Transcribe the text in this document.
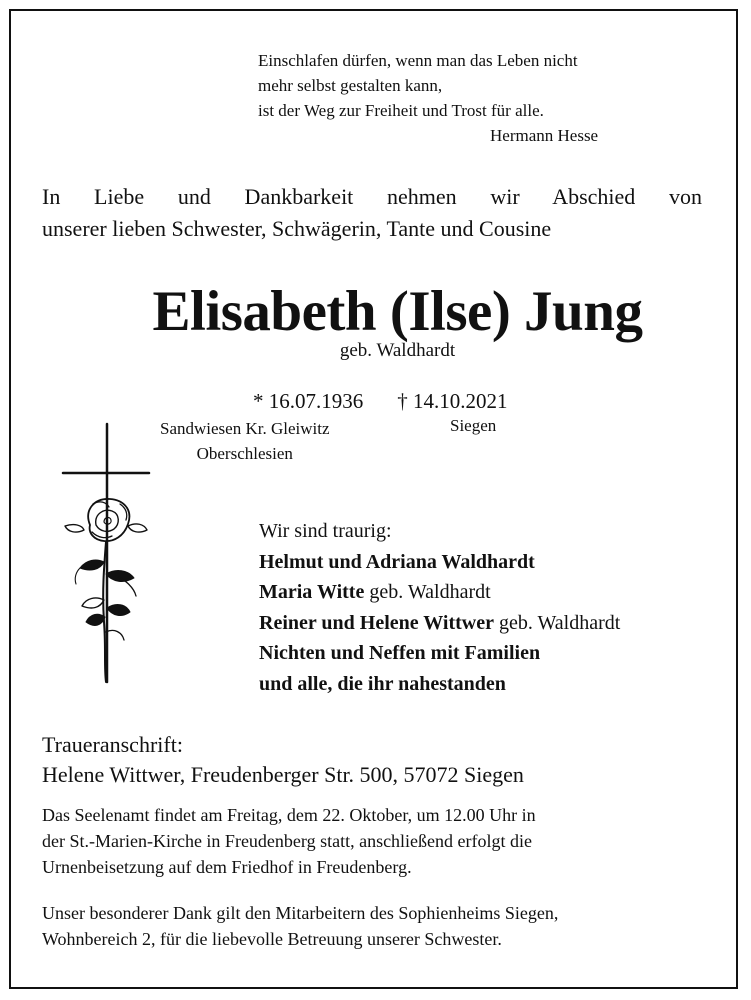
Einschlafen dürfen, wenn man das Leben nicht
mehr selbst gestalten kann,
ist der Weg zur Freiheit und Trost für alle.
Hermann Hesse
In Liebe und Dankbarkeit nehmen wir Abschied von
unserer lieben Schwester, Schwägerin, Tante und Cousine
Elisabeth (Ilse) Jung
geb. Waldhardt
* 16.07.1936 † 14.10.2021
Sandwiesen Kr. Gleiwitz
Oberschlesien
Siegen
Wir sind traurig:
Helmut und Adriana Waldhardt
Maria Witte geb. Waldhardt
Reiner und Helene Wittwer geb. Waldhardt
Nichten und Neffen mit Familien
und alle, die ihr nahestanden
Traueranschrift:
Helene Wittwer, Freudenberger Str. 500, 57072 Siegen
Das Seelenamt findet am Freitag, dem 22. Oktober, um 12.00 Uhr in
der St.-Marien-Kirche in Freudenberg statt, anschließend erfolgt die
Urnenbeisetzung auf dem Friedhof in Freudenberg.
Unser besonderer Dank gilt den Mitarbeitern des Sophienheims Siegen,
Wohnbereich 2, für die liebevolle Betreuung unserer Schwester.
